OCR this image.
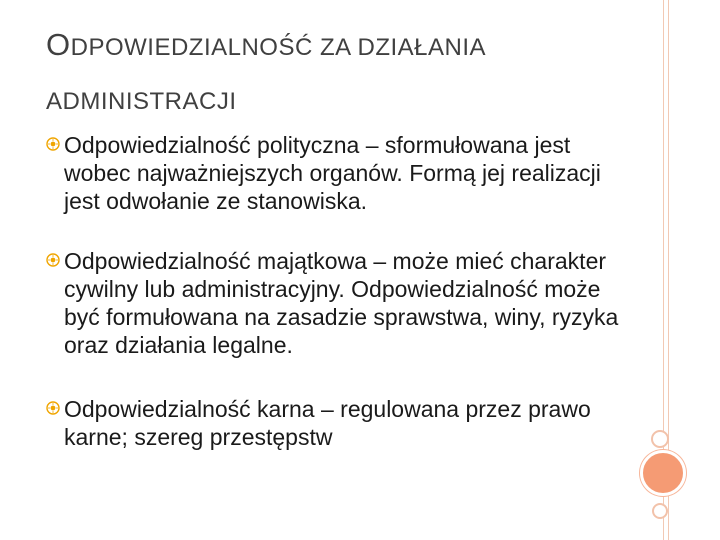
ODPOWIEDZIALNOŚĆ ZA DZIAŁANIA ADMINISTRACJI
Odpowiedzialność polityczna – sformułowana jest wobec najważniejszych organów. Formą jej realizacji jest odwołanie ze stanowiska.
Odpowiedzialność majątkowa – może mieć charakter cywilny lub administracyjny. Odpowiedzialność może być formułowana na zasadzie sprawstwa, winy, ryzyka oraz działania legalne.
Odpowiedzialność karna – regulowana przez prawo karne; szereg przestępstw
